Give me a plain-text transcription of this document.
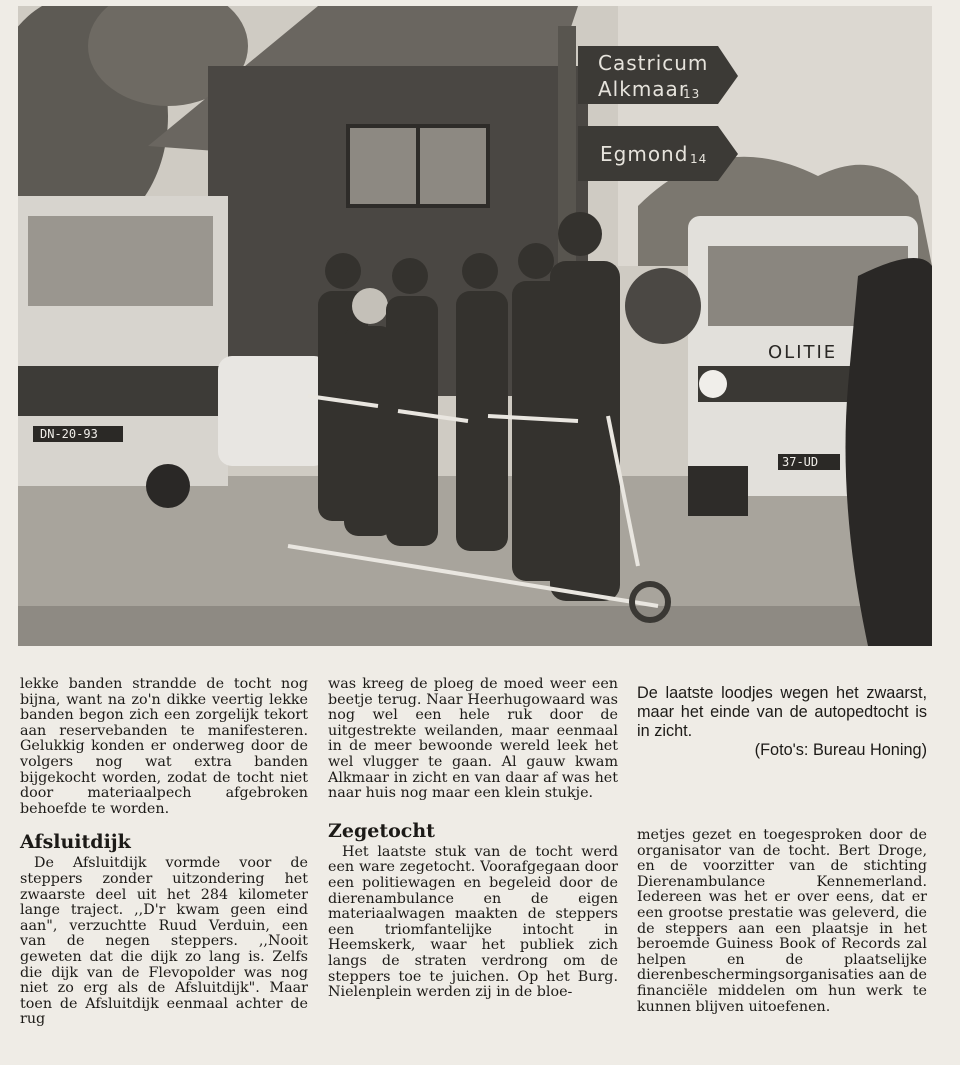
Castricum
Alkmaar
13
Egmond 14
DN-20-93
OLITIE
37-UD
De laatste loodjes wegen het zwaarst, maar het einde van de autopedtocht is in zicht.
(Foto's: Bureau Honing)

lekke banden strandde de tocht nog bijna, want na zo'n dikke veertig lekke banden begon zich een zorgelijk tekort aan reservebanden te manifesteren. Gelukkig konden er onderweg door de volgers nog wat extra banden bijgekocht worden, zodat de tocht niet door materiaalpech afgebroken behoefde te worden.

Afsluitdijk

De Afsluitdijk vormde voor de steppers zonder uitzondering het zwaarste deel uit het 284 kilometer lange traject. ,,D'r kwam geen eind aan", verzuchtte Ruud Verduin, een van de negen steppers. ,,Nooit geweten dat die dijk zo lang is. Zelfs die dijk van de Flevopolder was nog niet zo erg als de Afsluitdijk". Maar toen de Afsluitdijk eenmaal achter de rug

was kreeg de ploeg de moed weer een beetje terug. Naar Heerhugowaard was nog wel een hele ruk door de uitgestrekte weilanden, maar eenmaal in de meer bewoonde wereld leek het wel vlugger te gaan. Al gauw kwam Alkmaar in zicht en van daar af was het naar huis nog maar een klein stukje.

Zegetocht

Het laatste stuk van de tocht werd een ware zegetocht. Voorafgegaan door een politiewagen en begeleid door de dierenambulance en de eigen materiaalwagen maakten de steppers een triomfantelijke intocht in Heemskerk, waar het publiek zich langs de straten verdrong om de steppers toe te juichen. Op het Burg. Nielenplein werden zij in de bloe-

metjes gezet en toegesproken door de organisator van de tocht. Bert Droge, en de voorzitter van de stichting Dierenambulance Kennemerland. Iedereen was het er over eens, dat er een grootse prestatie was geleverd, die de steppers aan een plaatsje in het beroemde Guiness Book of Records zal helpen en de plaatselijke dierenbeschermingsorganisaties aan de financiële middelen om hun werk te kunnen blijven uitoefenen.
